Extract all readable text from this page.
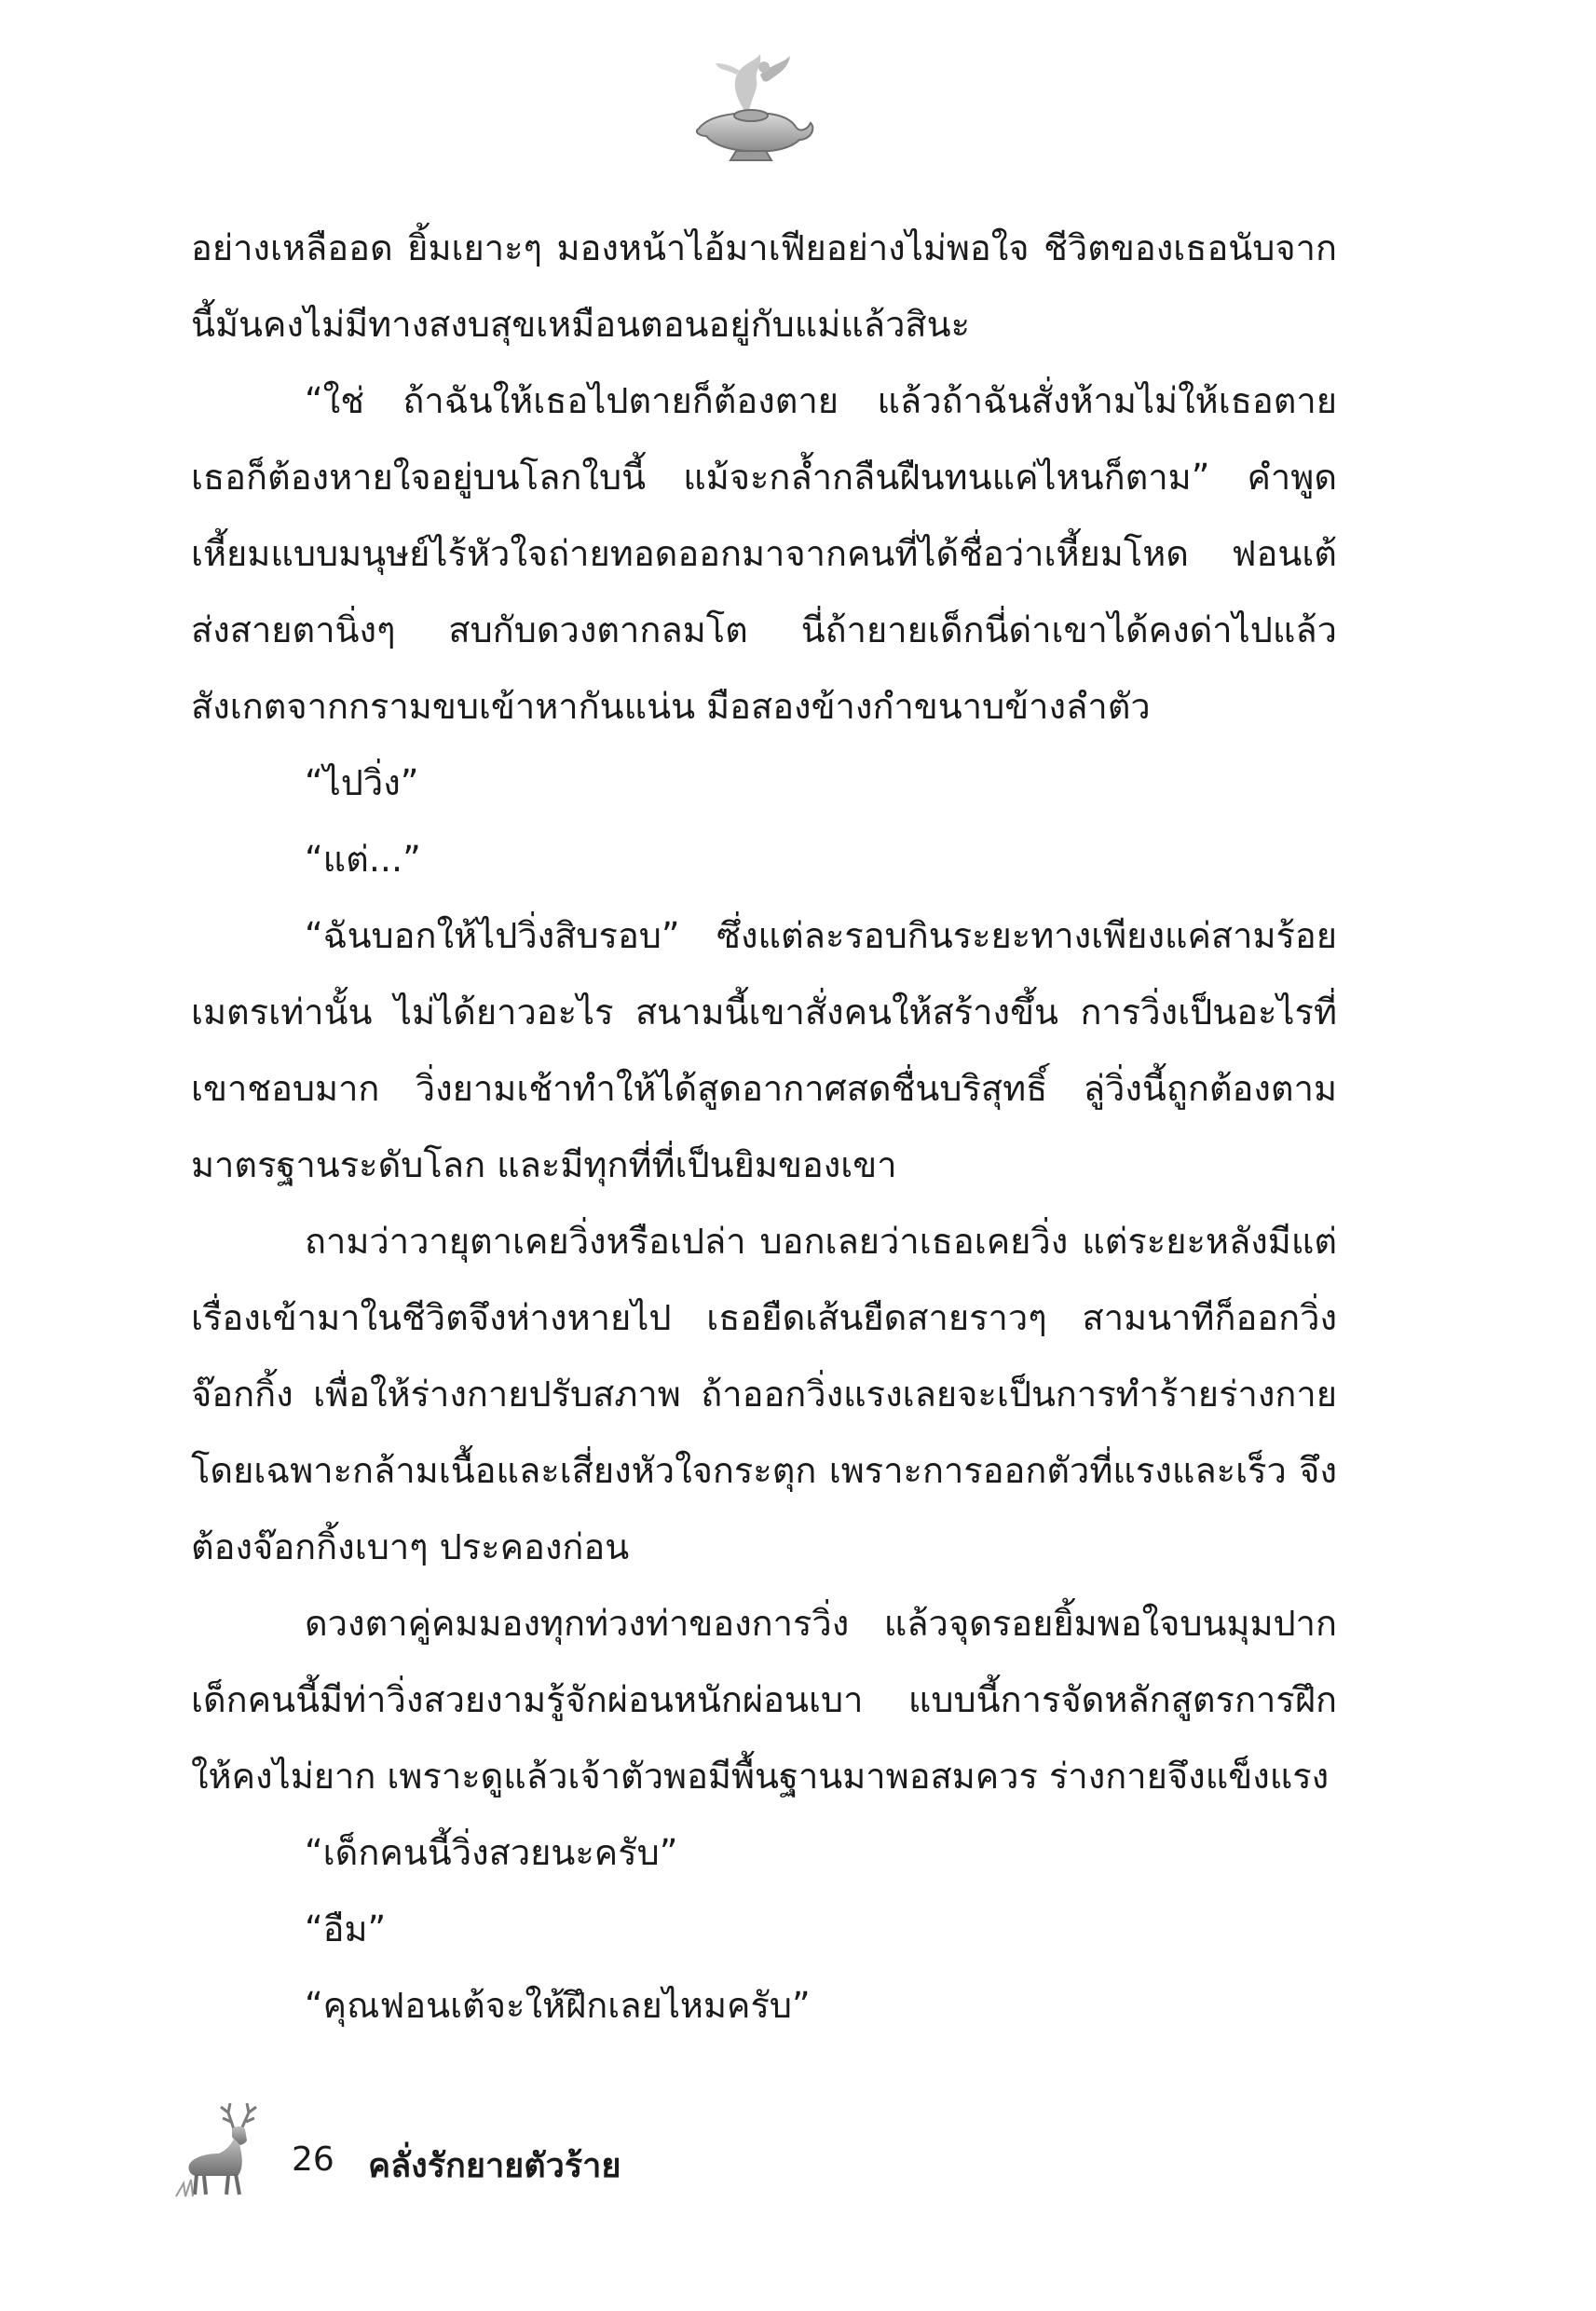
อย่างเหลืออด ยิ้มเยาะๆ มองหน้าไอ้มาเฟียอย่างไม่พอใจ ชีวิตของเธอนับจากนี้มันคงไม่มีทางสงบสุขเหมือนตอนอยู่กับแม่แล้วสินะ

“ใช่ ถ้าฉันให้เธอไปตายก็ต้องตาย แล้วถ้าฉันสั่งห้ามไม่ให้เธอตาย เธอก็ต้องหายใจอยู่บนโลกใบนี้ แม้จะกล้ำกลืนฝืนทนแค่ไหนก็ตาม” คำพูดเหี้ยมแบบมนุษย์ไร้หัวใจถ่ายทอดออกมาจากคนที่ได้ชื่อว่าเหี้ยมโหด ฟอนเต้ส่งสายตานิ่งๆ สบกับดวงตากลมโต นี่ถ้ายายเด็กนี่ด่าเขาได้คงด่าไปแล้ว สังเกตจากกรามขบเข้าหากันแน่น มือสองข้างกำขนาบข้างลำตัว

“ไปวิ่ง”

“แต่...”

“ฉันบอกให้ไปวิ่งสิบรอบ” ซึ่งแต่ละรอบกินระยะทางเพียงแค่สามร้อยเมตรเท่านั้น ไม่ได้ยาวอะไร สนามนี้เขาสั่งคนให้สร้างขึ้น การวิ่งเป็นอะไรที่เขาชอบมาก วิ่งยามเช้าทำให้ได้สูดอากาศสดชื่นบริสุทธิ์ ลู่วิ่งนี้ถูกต้องตามมาตรฐานระดับโลก และมีทุกที่ที่เป็นยิมของเขา

ถามว่าวายุตาเคยวิ่งหรือเปล่า บอกเลยว่าเธอเคยวิ่ง แต่ระยะหลังมีแต่เรื่องเข้ามาในชีวิตจึงห่างหายไป เธอยืดเส้นยืดสายราวๆ สามนาทีก็ออกวิ่งจ๊อกกิ้ง เพื่อให้ร่างกายปรับสภาพ ถ้าออกวิ่งแรงเลยจะเป็นการทำร้ายร่างกาย โดยเฉพาะกล้ามเนื้อและเสี่ยงหัวใจกระตุก เพราะการออกตัวที่แรงและเร็ว จึงต้องจ๊อกกิ้งเบาๆ ประคองก่อน

ดวงตาคู่คมมองทุกท่วงท่าของการวิ่ง แล้วจุดรอยยิ้มพอใจบนมุมปาก เด็กคนนี้มีท่าวิ่งสวยงามรู้จักผ่อนหนักผ่อนเบา แบบนี้การจัดหลักสูตรการฝึกให้คงไม่ยาก เพราะดูแล้วเจ้าตัวพอมีพื้นฐานมาพอสมควร ร่างกายจึงแข็งแรง

“เด็กคนนี้วิ่งสวยนะครับ”

“อืม”

“คุณฟอนเต้จะให้ฝึกเลยไหมครับ”

26 คลั่งรักยายตัวร้าย
